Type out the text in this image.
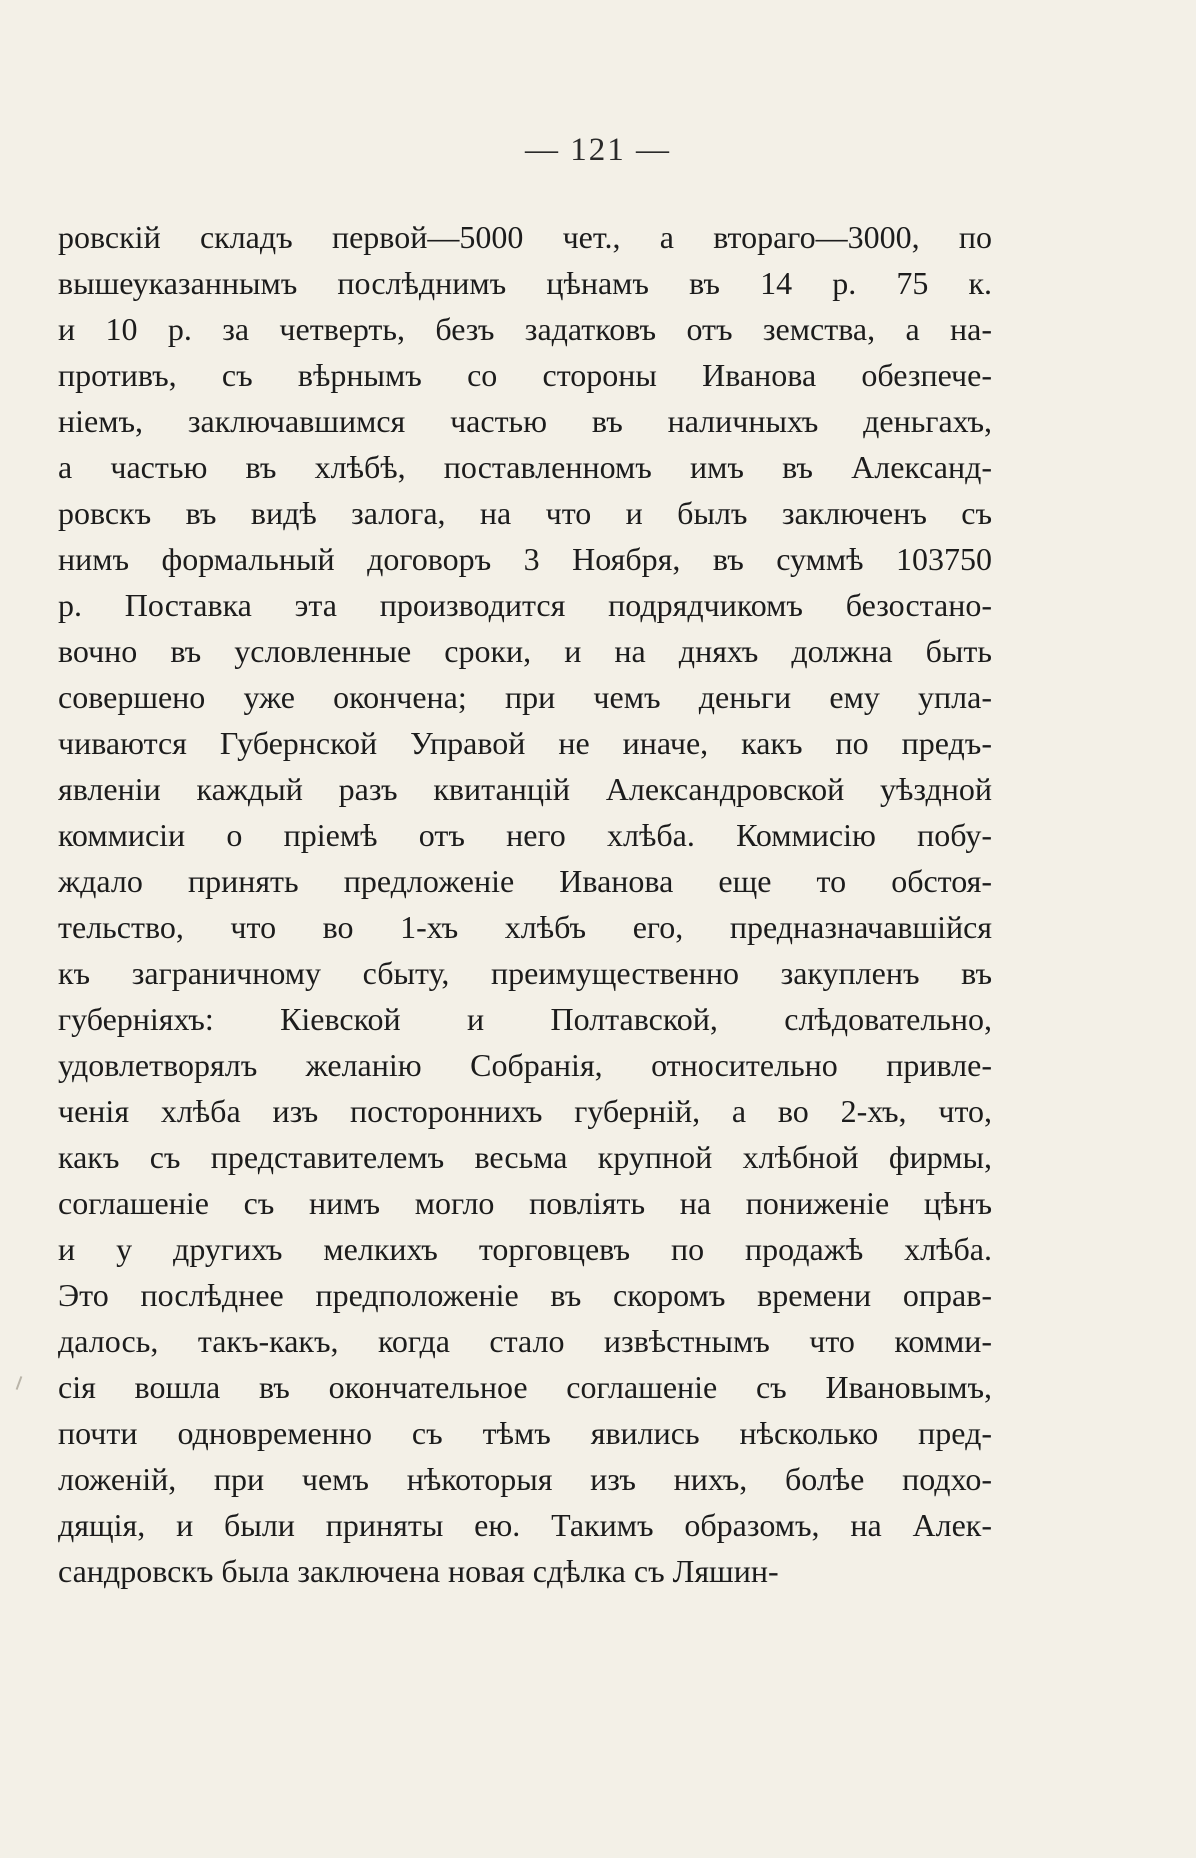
— 121 —
ровскій складъ первой—5000 чет., а втораго—3000, по
вышеуказаннымъ послѣднимъ цѣнамъ въ 14 р. 75 к.
и 10 р. за четверть, безъ задатковъ отъ земства, а на-
противъ, съ вѣрнымъ со стороны Иванова обезпече-
ніемъ, заключавшимся частью въ наличныхъ деньгахъ,
а частью въ хлѣбѣ, поставленномъ имъ въ Александ-
ровскъ въ видѣ залога, на что и былъ заключенъ съ
нимъ формальный договоръ 3 Ноября, въ суммѣ 103750
р. Поставка эта производится подрядчикомъ безостано-
вочно въ условленные сроки, и на дняхъ должна быть
совершено уже окончена; при чемъ деньги ему упла-
чиваются Губернской Управой не иначе, какъ по предъ-
явленіи каждый разъ квитанцій Александровской уѣздной
коммисіи о пріемѣ отъ него хлѣба. Коммисію побу-
ждало принять предложеніе Иванова еще то обстоя-
тельство, что во 1-хъ хлѣбъ его, предназначавшійся
къ заграничному сбыту, преимущественно закупленъ въ
губерніяхъ: Кіевской и Полтавской, слѣдовательно,
удовлетворялъ желанію Собранія, относительно привле-
ченія хлѣба изъ постороннихъ губерній, а во 2-хъ, что,
какъ съ представителемъ весьма крупной хлѣбной фирмы,
соглашеніе съ нимъ могло повліять на пониженіе цѣнъ
и у другихъ мелкихъ торговцевъ по продажѣ хлѣба.
Это послѣднее предположеніе въ скоромъ времени оправ-
далось, такъ-какъ, когда стало извѣстнымъ что комми-
сія вошла въ окончательное соглашеніе съ Ивановымъ,
почти одновременно съ тѣмъ явились нѣсколько пред-
ложеній, при чемъ нѣкоторыя изъ нихъ, болѣе подхо-
дящія, и были приняты ею. Такимъ образомъ, на Алек-
сандровскъ была заключена новая сдѣлка съ Ляшин-
